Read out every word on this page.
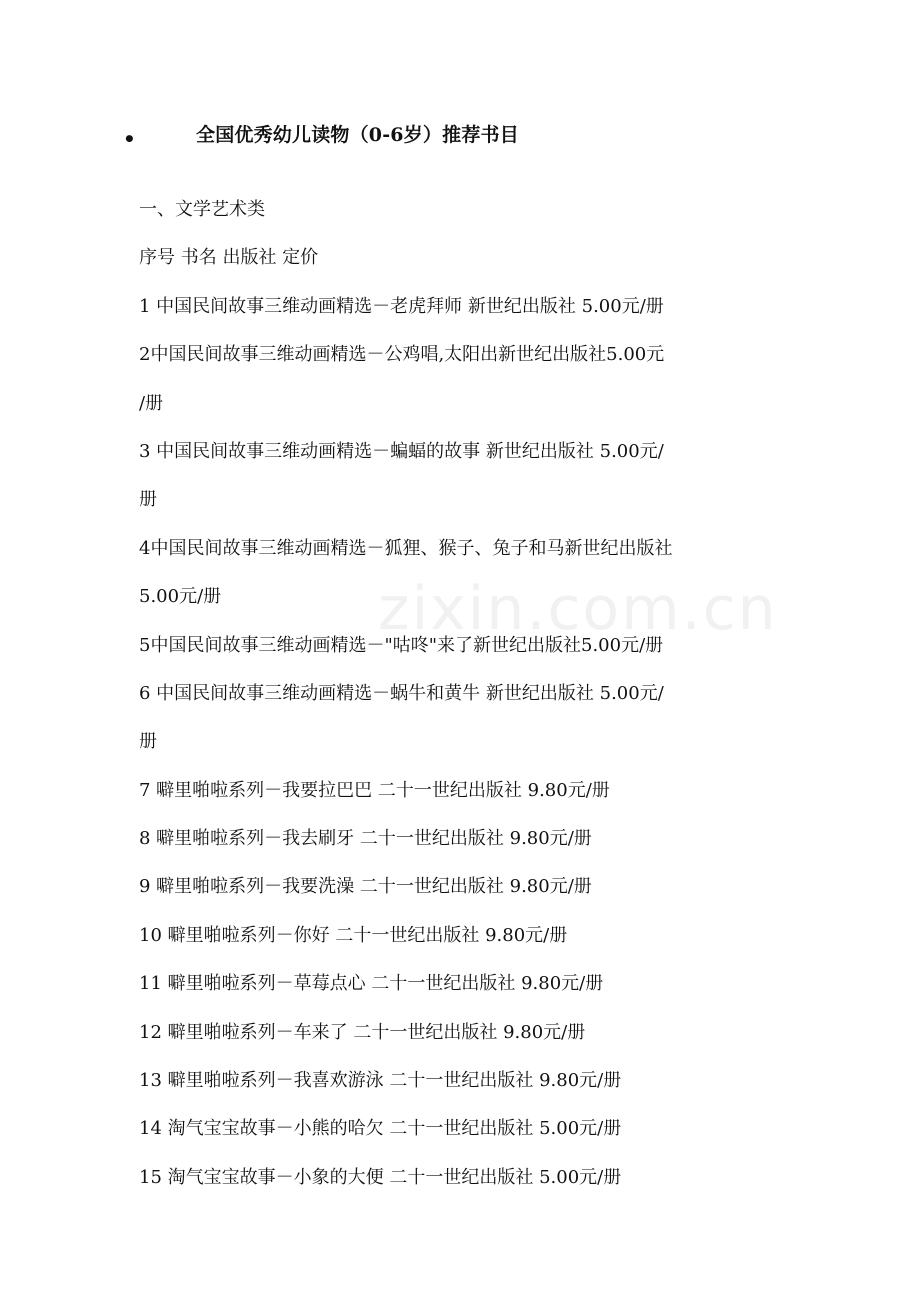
•	全国优秀幼儿读物（0-6岁）推荐书目
一、文学艺术类
序号 书名 出版社 定价
1 中国民间故事三维动画精选－老虎拜师 新世纪出版社 5.00元/册
2中国民间故事三维动画精选－公鸡唱,太阳出新世纪出版社5.00元
/册
3 中国民间故事三维动画精选－蝙蝠的故事 新世纪出版社 5.00元/
册
4中国民间故事三维动画精选－狐狸、猴子、兔子和马新世纪出版社
5.00元/册
5中国民间故事三维动画精选－"咕咚"来了新世纪出版社5.00元/册
6 中国民间故事三维动画精选－蜗牛和黄牛 新世纪出版社 5.00元/
册
7 噼里啪啦系列－我要拉巴巴 二十一世纪出版社 9.80元/册
8 噼里啪啦系列－我去刷牙 二十一世纪出版社 9.80元/册
9 噼里啪啦系列－我要洗澡 二十一世纪出版社 9.80元/册
10 噼里啪啦系列－你好 二十一世纪出版社 9.80元/册
11 噼里啪啦系列－草莓点心 二十一世纪出版社 9.80元/册
12 噼里啪啦系列－车来了 二十一世纪出版社 9.80元/册
13 噼里啪啦系列－我喜欢游泳 二十一世纪出版社 9.80元/册
14 淘气宝宝故事－小熊的哈欠 二十一世纪出版社 5.00元/册
15 淘气宝宝故事－小象的大便 二十一世纪出版社 5.00元/册
zixin.com.cn
